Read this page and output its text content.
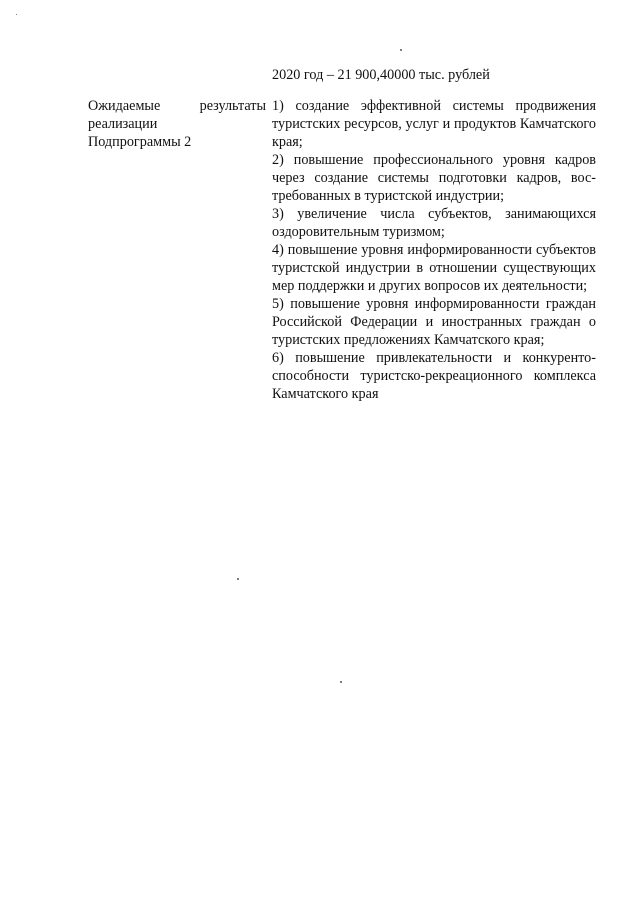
2020 год – 21 900,40000 тыс. рублей
Ожидаемые	результаты
реализации
Подпрограммы 2

1) создание эффективной системы продвижения туристских ресурсов, услуг и продуктов Камчатского края;

2) повышение профессионального уровня кадров через создание системы подготовки кадров, востребованных в туристской индустрии;

3) увеличение числа субъектов, занимающихся оздоровительным туризмом;

4) повышение уровня информированности субъектов туристской индустрии в отношении существующих мер поддержки и других вопросов их деятельности;

5) повышение уровня информированности граждан Российской Федерации и иностранных граждан о туристских предложениях Камчатского края;

6) повышение привлекательности и конкурентоспособности туристско-рекреационного комплекса Камчатского края
